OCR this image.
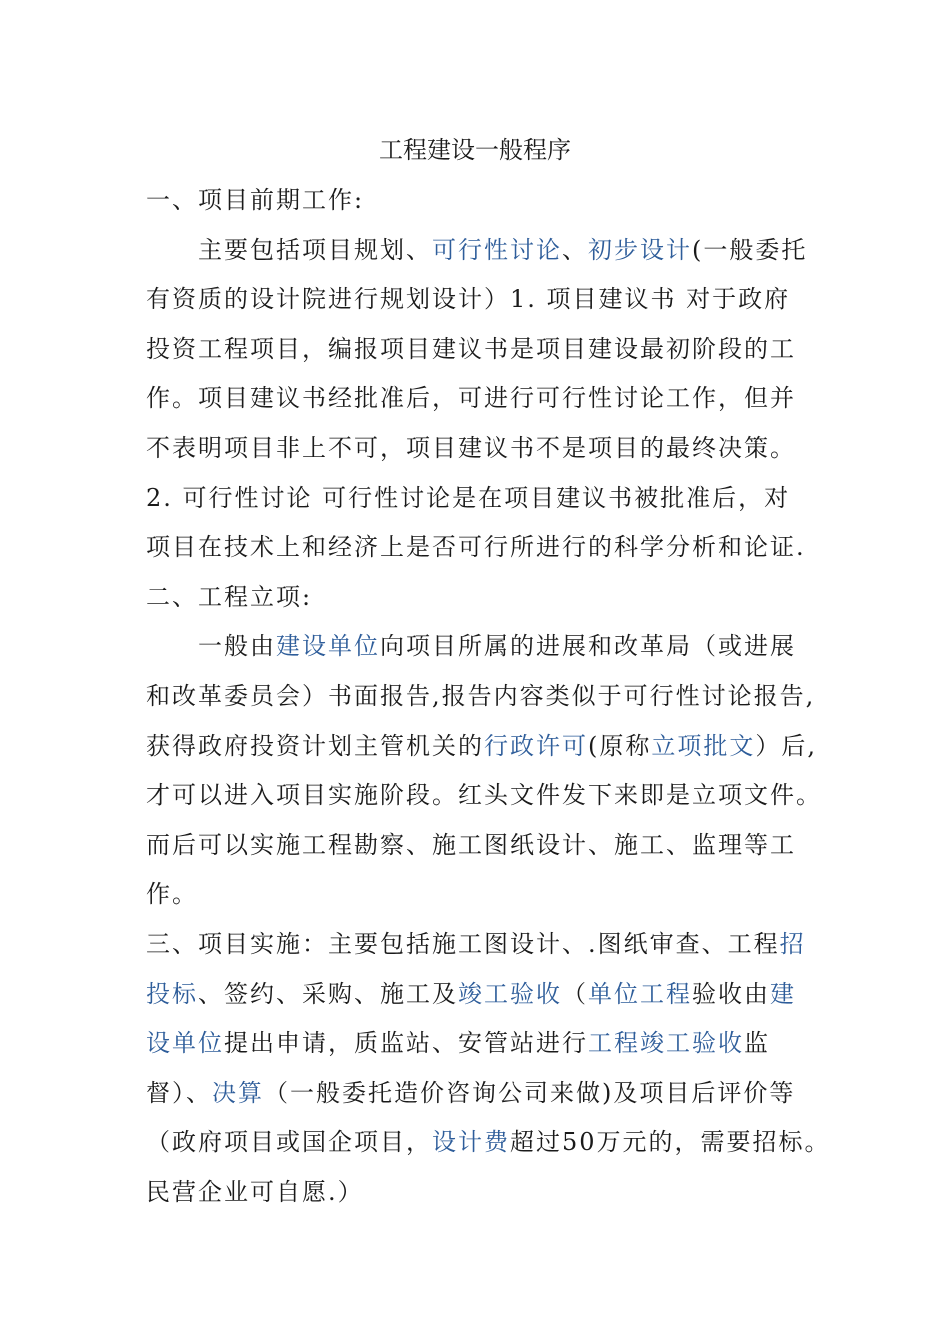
工程建设一般程序
一、项目前期工作:
　　主要包括项目规划、可行性讨论、初步设计(一般委托
有资质的设计院进行规划设计）1. 项目建议书 对于政府
投资工程项目，编报项目建议书是项目建设最初阶段的工
作。项目建议书经批准后，可进行可行性讨论工作，但并
不表明项目非上不可，项目建议书不是项目的最终决策。
2. 可行性讨论 可行性讨论是在项目建议书被批准后，对
项目在技术上和经济上是否可行所进行的科学分析和论证.
二、工程立项:
　　一般由建设单位向项目所属的进展和改革局（或进展
和改革委员会）书面报告,报告内容类似于可行性讨论报告,
获得政府投资计划主管机关的行政许可(原称立项批文）后,
才可以进入项目实施阶段。红头文件发下来即是立项文件。
而后可以实施工程勘察、施工图纸设计、施工、监理等工
作。
三、项目实施：主要包括施工图设计、.图纸审查、工程招
投标、签约、采购、施工及竣工验收（单位工程验收由建
设单位提出申请，质监站、安管站进行工程竣工验收监
督）、决算（一般委托造价咨询公司来做)及项目后评价等
（政府项目或国企项目，设计费超过50万元的，需要招标。
民营企业可自愿.）
